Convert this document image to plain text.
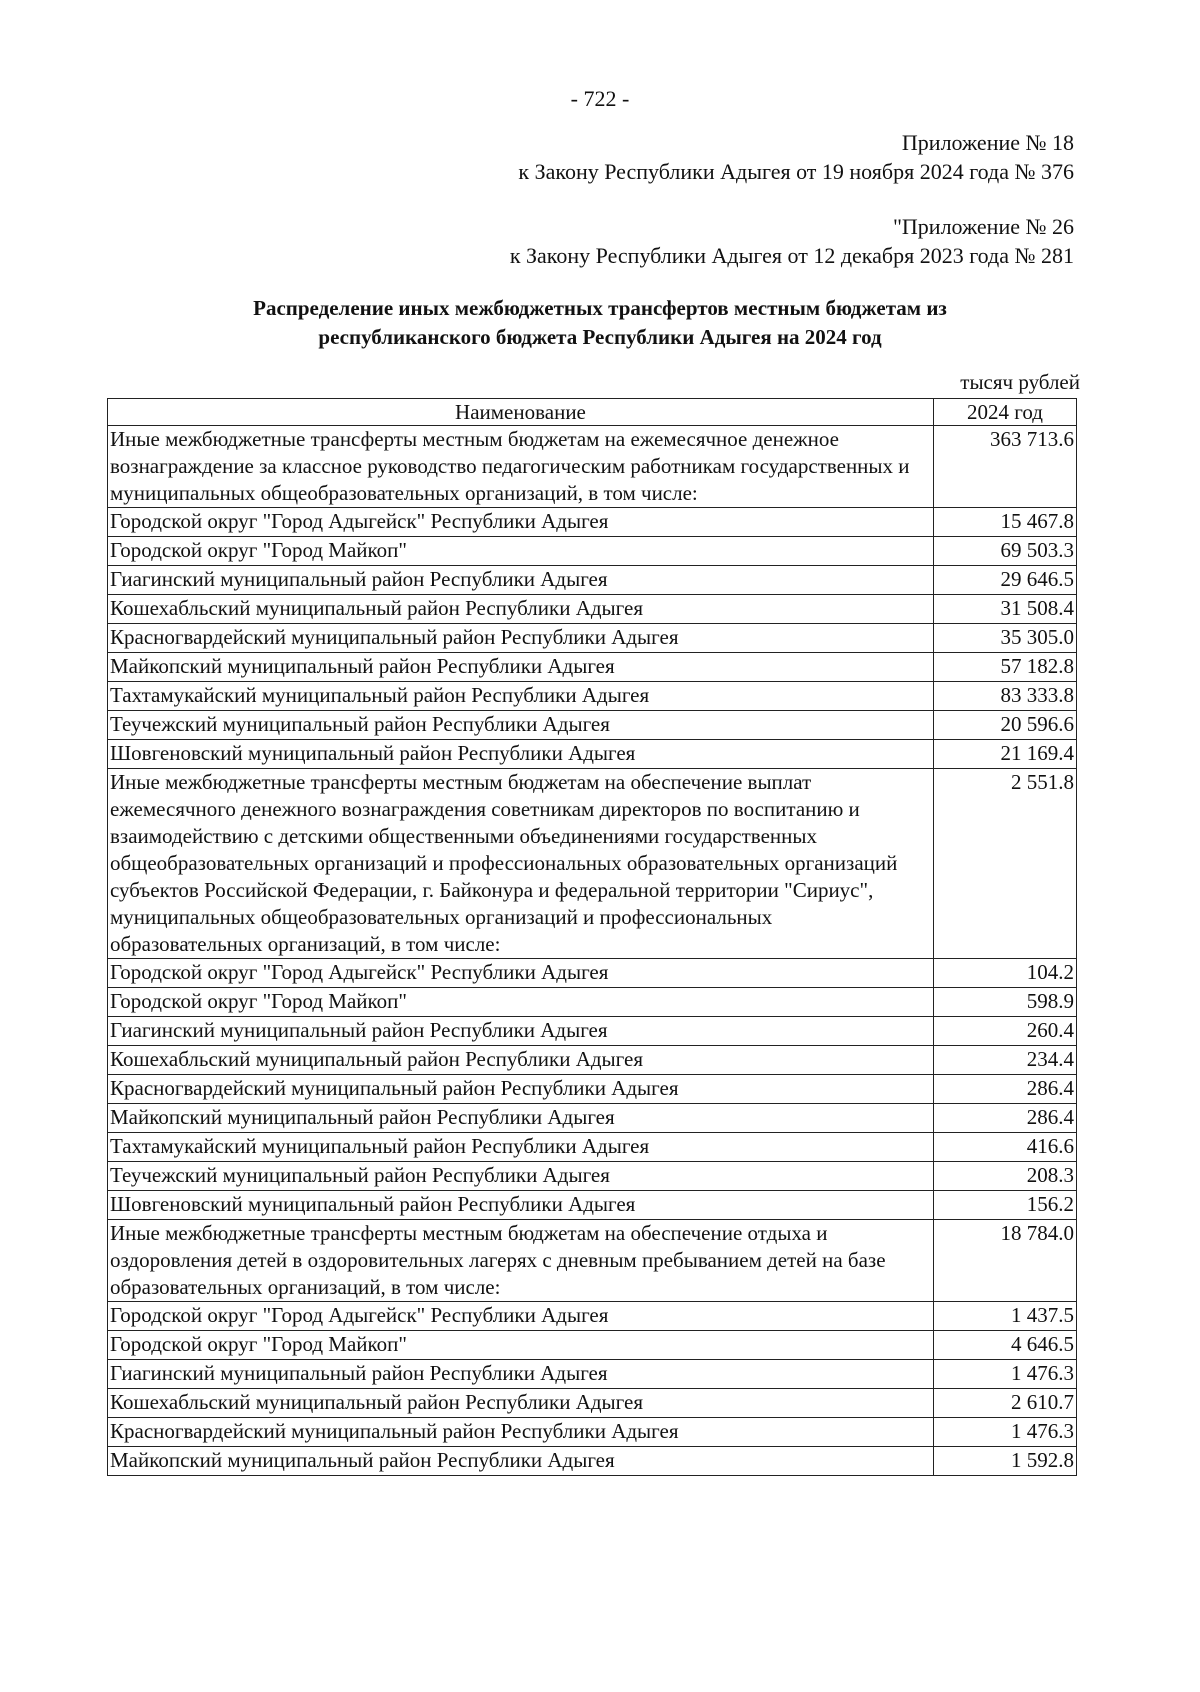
- 722 -
Приложение № 18
к Закону Республики Адыгея от 19 ноября 2024 года № 376
"Приложение № 26
к Закону Республики Адыгея от 12 декабря 2023 года № 281
Распределение иных межбюджетных трансфертов местным бюджетам из
республиканского бюджета Республики Адыгея на 2024 год
тысяч рублей
Наименование	2024 год
Иные межбюджетные трансферты местным бюджетам на ежемесячное денежное вознаграждение за классное руководство педагогическим работникам государственных и муниципальных общеобразовательных организаций, в том числе:	363 713.6
Городской округ "Город Адыгейск" Республики Адыгея	15 467.8
Городской округ "Город Майкоп"	69 503.3
Гиагинский муниципальный район Республики Адыгея	29 646.5
Кошехабльский муниципальный район Республики Адыгея	31 508.4
Красногвардейский муниципальный район Республики Адыгея	35 305.0
Майкопский муниципальный район Республики Адыгея	57 182.8
Тахтамукайский муниципальный район Республики Адыгея	83 333.8
Теучежский муниципальный район Республики Адыгея	20 596.6
Шовгеновский муниципальный район Республики Адыгея	21 169.4
Иные межбюджетные трансферты местным бюджетам на обеспечение выплат ежемесячного денежного вознаграждения советникам директоров по воспитанию и взаимодействию с детскими общественными объединениями государственных общеобразовательных организаций и профессиональных образовательных организаций субъектов Российской Федерации, г. Байконура и федеральной территории "Сириус", муниципальных общеобразовательных организаций и профессиональных образовательных организаций, в том числе:	2 551.8
Городской округ "Город Адыгейск" Республики Адыгея	104.2
Городской округ "Город Майкоп"	598.9
Гиагинский муниципальный район Республики Адыгея	260.4
Кошехабльский муниципальный район Республики Адыгея	234.4
Красногвардейский муниципальный район Республики Адыгея	286.4
Майкопский муниципальный район Республики Адыгея	286.4
Тахтамукайский муниципальный район Республики Адыгея	416.6
Теучежский муниципальный район Республики Адыгея	208.3
Шовгеновский муниципальный район Республики Адыгея	156.2
Иные межбюджетные трансферты местным бюджетам на обеспечение отдыха и оздоровления детей в оздоровительных лагерях с дневным пребыванием детей на базе образовательных организаций, в том числе:	18 784.0
Городской округ "Город Адыгейск" Республики Адыгея	1 437.5
Городской округ "Город Майкоп"	4 646.5
Гиагинский муниципальный район Республики Адыгея	1 476.3
Кошехабльский муниципальный район Республики Адыгея	2 610.7
Красногвардейский муниципальный район Республики Адыгея	1 476.3
Майкопский муниципальный район Республики Адыгея	1 592.8
